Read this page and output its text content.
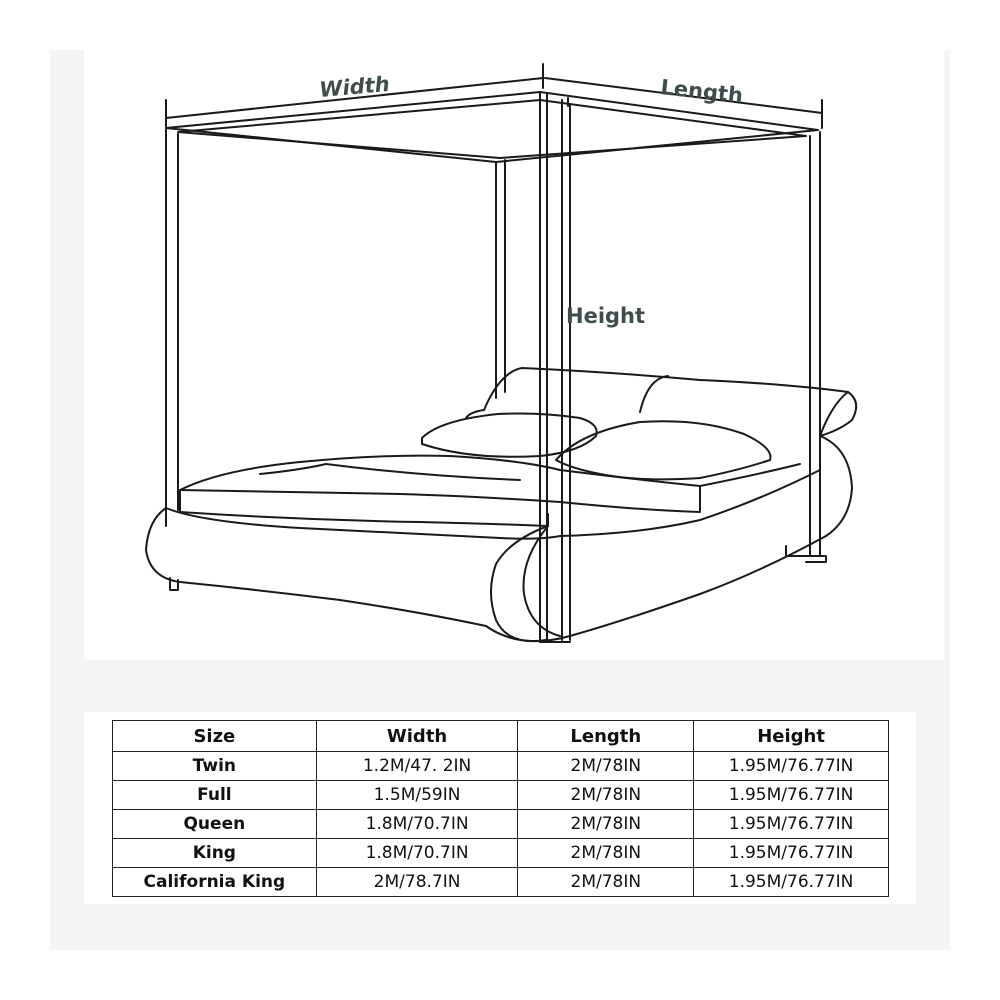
Width	Length
Height
Size	Width	Length	Height
Twin	1.2M/47. 2IN	2M/78IN	1.95M/76.77IN
Full	1.5M/59IN	2M/78IN	1.95M/76.77IN
Queen	1.8M/70.7IN	2M/78IN	1.95M/76.77IN
King	1.8M/70.7IN	2M/78IN	1.95M/76.77IN
California King	2M/78.7IN	2M/78IN	1.95M/76.77IN
